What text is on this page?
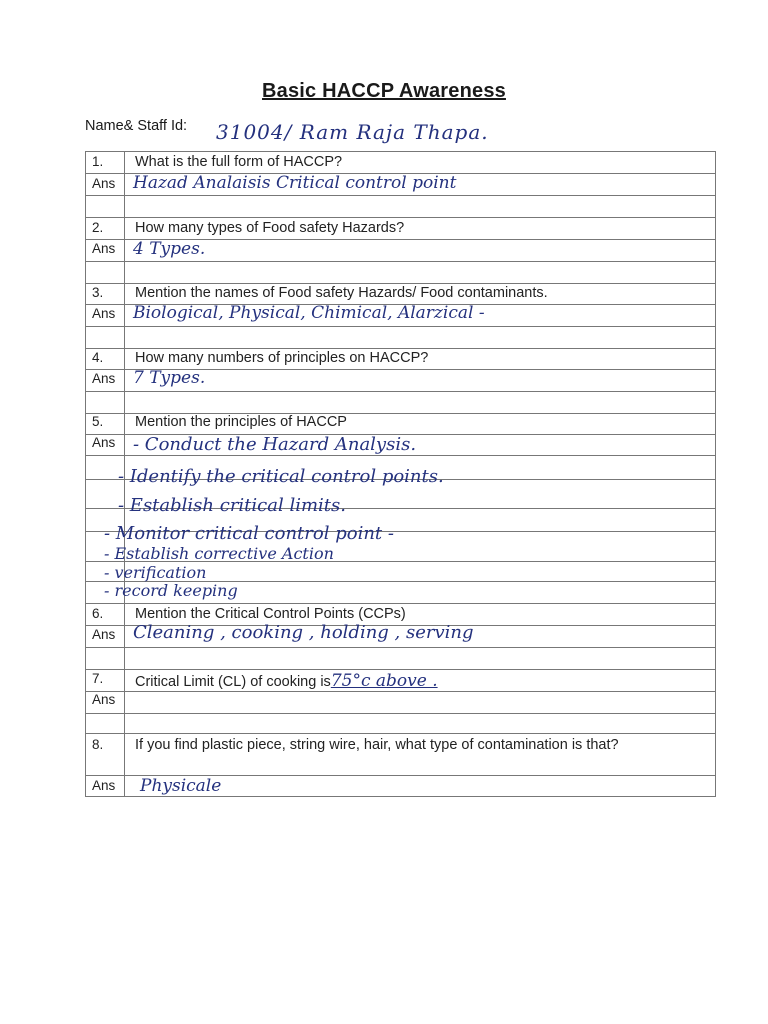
Basic HACCP Awareness
Name& Staff Id: 31004/ Ram Raja Thapa.
1. What is the full form of HACCP?
Ans Hazad Analaisis Critical control point
2. How many types of Food safety Hazards?
Ans 4 Types.
3. Mention the names of Food safety Hazards/ Food contaminants.
Ans Biological, Physical, Chimical, Alarzical -
4. How many numbers of principles on HACCP?
Ans 7 Types.
5. Mention the principles of HACCP
Ans - Conduct the Hazard Analysis.
- Identify the critical control points.
- Establish critical limits.
- Monitor critical control point -
- Establish corrective Action
- verification
- record keeping
6. Mention the Critical Control Points (CCPs)
Ans Cleaning , cooking , holding , serving
7. Critical Limit (CL) of cooking is75°c above .
Ans
8. If you find plastic piece, string wire, hair, what type of contamination is that?
Ans Physicale
